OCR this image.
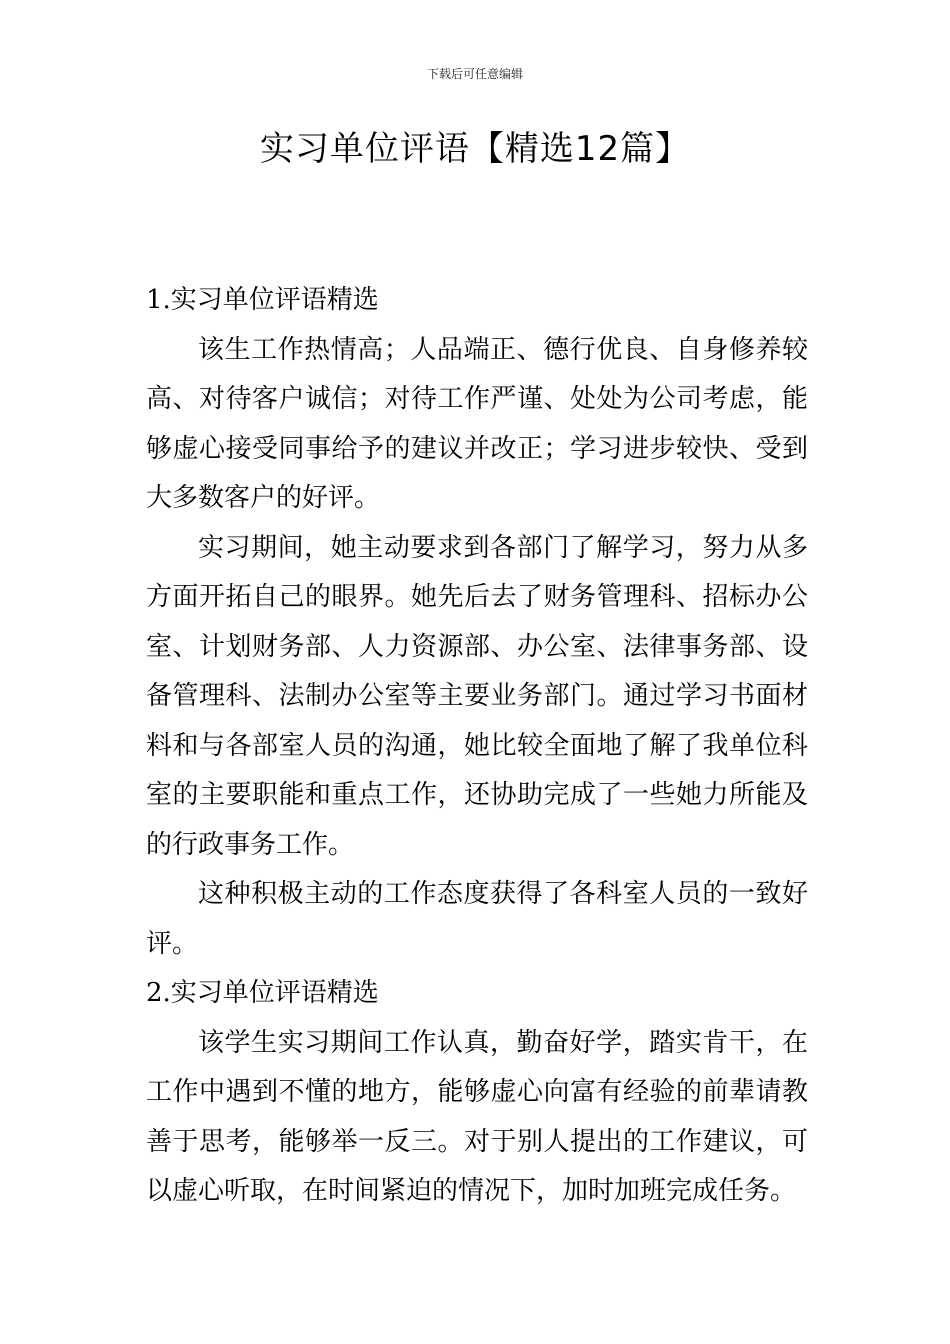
下载后可任意编辑
实习单位评语【精选12篇】

1.实习单位评语精选

该生工作热情高；人品端正、德行优良、自身修养较高、对待客户诚信；对待工作严谨、处处为公司考虑，能够虚心接受同事给予的建议并改正；学习进步较快、受到大多数客户的好评。

实习期间，她主动要求到各部门了解学习，努力从多方面开拓自己的眼界。她先后去了财务管理科、招标办公室、计划财务部、人力资源部、办公室、法律事务部、设备管理科、法制办公室等主要业务部门。通过学习书面材料和与各部室人员的沟通，她比较全面地了解了我单位科室的主要职能和重点工作，还协助完成了一些她力所能及的行政事务工作。

这种积极主动的工作态度获得了各科室人员的一致好评。

2.实习单位评语精选

该学生实习期间工作认真，勤奋好学，踏实肯干，在工作中遇到不懂的地方，能够虚心向富有经验的前辈请教善于思考，能够举一反三。对于别人提出的工作建议，可以虚心听取，在时间紧迫的情况下，加时加班完成任务。
